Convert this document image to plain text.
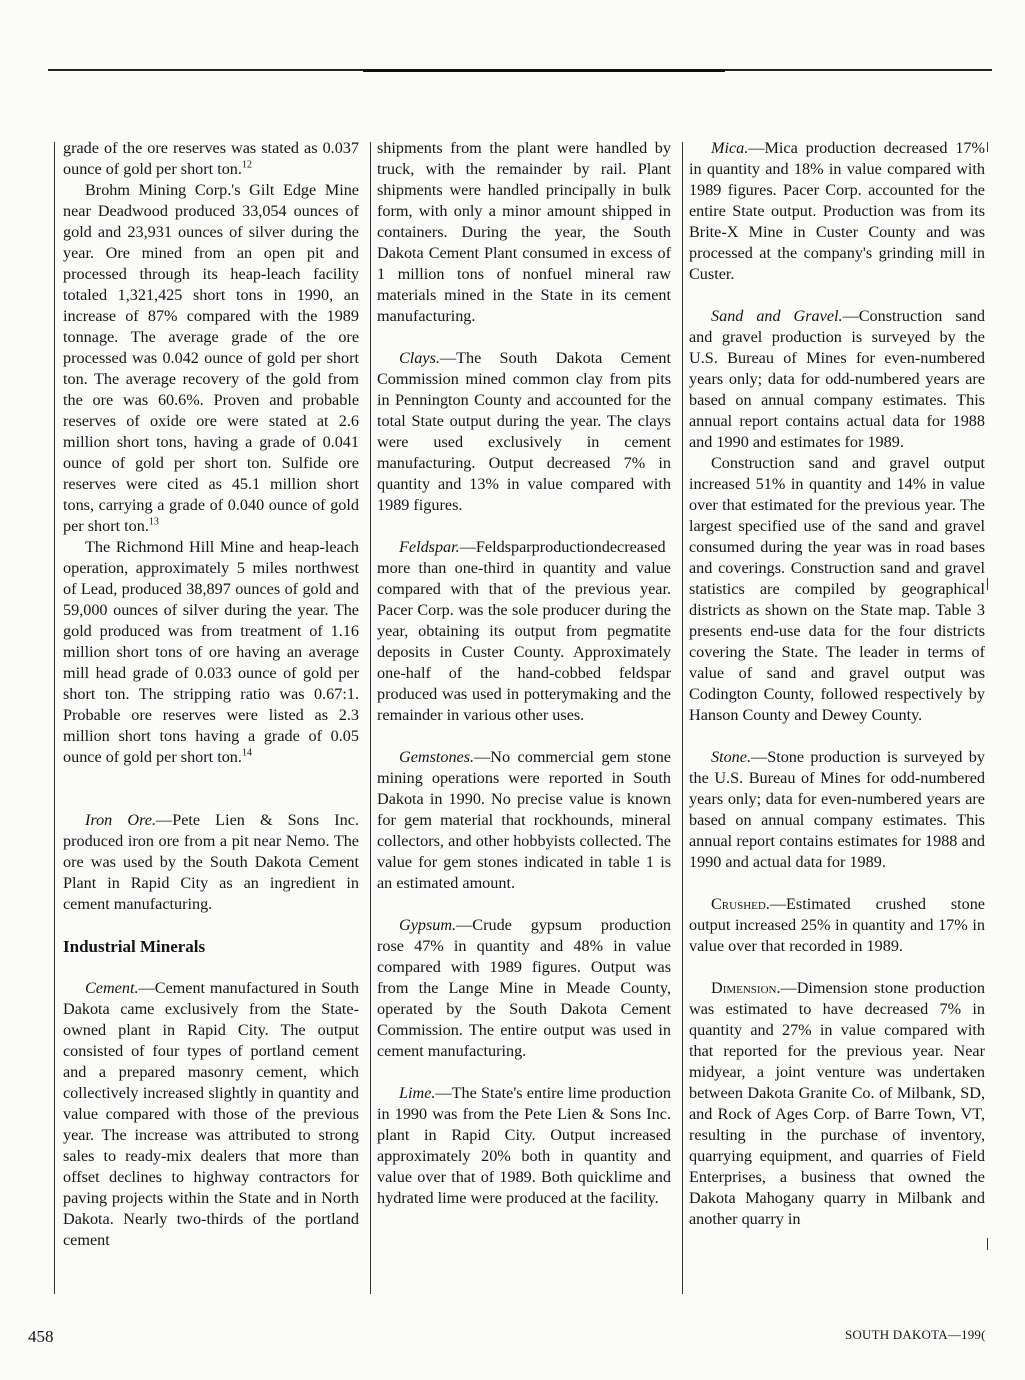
grade of the ore reserves was stated as 0.037 ounce of gold per short ton.$^{12}$

Brohm Mining Corp.'s Gilt Edge Mine near Deadwood produced 33,054 ounces of gold and 23,931 ounces of silver during the year. Ore mined from an open pit and processed through its heap-leach facility totaled 1,321,425 short tons in 1990, an increase of 87% compared with the 1989 tonnage. The average grade of the ore processed was 0.042 ounce of gold per short ton. The average recovery of the gold from the ore was 60.6%. Proven and probable reserves of oxide ore were stated at 2.6 million short tons, having a grade of 0.041 ounce of gold per short ton. Sulfide ore reserves were cited as 45.1 million short tons, carrying a grade of 0.040 ounce of gold per short ton.$^{13}$

The Richmond Hill Mine and heap-leach operation, approximately 5 miles northwest of Lead, produced 38,897 ounces of gold and 59,000 ounces of silver during the year. The gold produced was from treatment of 1.16 million short tons of ore having an average mill head grade of 0.033 ounce of gold per short ton. The stripping ratio was 0.67:1. Probable ore reserves were listed as 2.3 million short tons having a grade of 0.05 ounce of gold per short ton.$^{14}$

Iron Ore.—Pete Lien & Sons Inc. produced iron ore from a pit near Nemo. The ore was used by the South Dakota Cement Plant in Rapid City as an ingredient in cement manufacturing.

Industrial Minerals

Cement.—Cement manufactured in South Dakota came exclusively from the State-owned plant in Rapid City. The output consisted of four types of portland cement and a prepared masonry cement, which collectively increased slightly in quantity and value compared with those of the previous year. The increase was attributed to strong sales to ready-mix dealers that more than offset declines to highway contractors for paving projects within the State and in North Dakota. Nearly two-thirds of the portland cement

shipments from the plant were handled by truck, with the remainder by rail. Plant shipments were handled principally in bulk form, with only a minor amount shipped in containers. During the year, the South Dakota Cement Plant consumed in excess of 1 million tons of nonfuel mineral raw materials mined in the State in its cement manufacturing.

Clays.—The South Dakota Cement Commission mined common clay from pits in Pennington County and accounted for the total State output during the year. The clays were used exclusively in cement manufacturing. Output decreased 7% in quantity and 13% in value compared with 1989 figures.

Feldspar.—Feldsparproductiondecreased more than one-third in quantity and value compared with that of the previous year. Pacer Corp. was the sole producer during the year, obtaining its output from pegmatite deposits in Custer County. Approximately one-half of the hand-cobbed feldspar produced was used in potterymaking and the remainder in various other uses.

Gemstones.—No commercial gem stone mining operations were reported in South Dakota in 1990. No precise value is known for gem material that rockhounds, mineral collectors, and other hobbyists collected. The value for gem stones indicated in table 1 is an estimated amount.

Gypsum.—Crude gypsum production rose 47% in quantity and 48% in value compared with 1989 figures. Output was from the Lange Mine in Meade County, operated by the South Dakota Cement Commission. The entire output was used in cement manufacturing.

Lime.—The State's entire lime production in 1990 was from the Pete Lien & Sons Inc. plant in Rapid City. Output increased approximately 20% both in quantity and value over that of 1989. Both quicklime and hydrated lime were produced at the facility.

Mica.—Mica production decreased 17% in quantity and 18% in value compared with 1989 figures. Pacer Corp. accounted for the entire State output. Production was from its Brite-X Mine in Custer County and was processed at the company's grinding mill in Custer.

Sand and Gravel.—Construction sand and gravel production is surveyed by the U.S. Bureau of Mines for even-numbered years only; data for odd-numbered years are based on annual company estimates. This annual report contains actual data for 1988 and 1990 and estimates for 1989.

Construction sand and gravel output increased 51% in quantity and 14% in value over that estimated for the previous year. The largest specified use of the sand and gravel consumed during the year was in road bases and coverings. Construction sand and gravel statistics are compiled by geographical districts as shown on the State map. Table 3 presents end-use data for the four districts covering the State. The leader in terms of value of sand and gravel output was Codington County, followed respectively by Hanson County and Dewey County.

Stone.—Stone production is surveyed by the U.S. Bureau of Mines for odd-numbered years only; data for even-numbered years are based on annual company estimates. This annual report contains estimates for 1988 and 1990 and actual data for 1989.

Crushed.—Estimated crushed stone output increased 25% in quantity and 17% in value over that recorded in 1989.

Dimension.—Dimension stone production was estimated to have decreased 7% in quantity and 27% in value compared with that reported for the previous year. Near midyear, a joint venture was undertaken between Dakota Granite Co. of Milbank, SD, and Rock of Ages Corp. of Barre Town, VT, resulting in the purchase of inventory, quarrying equipment, and quarries of Field Enterprises, a business that owned the Dakota Mahogany quarry in Milbank and another quarry in

458	SOUTH DAKOTA—199(
